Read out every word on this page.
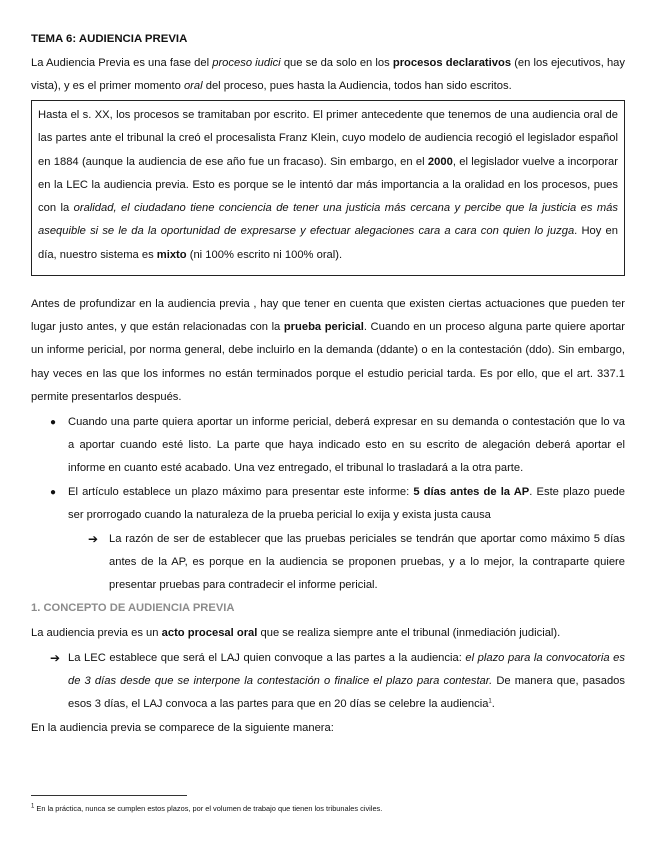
TEMA 6: AUDIENCIA PREVIA

La Audiencia Previa es una fase del proceso iudici que se da solo en los procesos declarativos (en los ejecutivos, hay vista), y es el primer momento oral del proceso, pues hasta la Audiencia, todos han sido escritos.

Hasta el s. XX, los procesos se tramitaban por escrito. El primer antecedente que tenemos de una audiencia oral de las partes ante el tribunal la creó el procesalista Franz Klein, cuyo modelo de audiencia recogió el legislador español en 1884 (aunque la audiencia de ese año fue un fracaso). Sin embargo, en el 2000, el legislador vuelve a incorporar en la LEC la audiencia previa. Esto es porque se le intentó dar más importancia a la oralidad en los procesos, pues con la oralidad, el ciudadano tiene conciencia de tener una justicia más cercana y percibe que la justicia es más asequible si se le da la oportunidad de expresarse y efectuar alegaciones cara a cara con quien lo juzga. Hoy en día, nuestro sistema es mixto (ni 100% escrito ni 100% oral).

Antes de profundizar en la audiencia previa , hay que tener en cuenta que existen ciertas actuaciones que pueden ter lugar justo antes, y que están relacionadas con la prueba pericial. Cuando en un proceso alguna parte quiere aportar un informe pericial, por norma general, debe incluirlo en la demanda (ddante) o en la contestación (ddo). Sin embargo, hay veces en las que los informes no están terminados porque el estudio pericial tarda. Es por ello, que el art. 337.1 permite presentarlos después.

● Cuando una parte quiera aportar un informe pericial, deberá expresar en su demanda o contestación que lo va a aportar cuando esté listo. La parte que haya indicado esto en su escrito de alegación deberá aportar el informe en cuanto esté acabado. Una vez entregado, el tribunal lo trasladará a la otra parte.
● El artículo establece un plazo máximo para presentar este informe: 5 días antes de la AP. Este plazo puede ser prorrogado cuando la naturaleza de la prueba pericial lo exija y exista justa causa
➔ La razón de ser de establecer que las pruebas periciales se tendrán que aportar como máximo 5 días antes de la AP, es porque en la audiencia se proponen pruebas, y a lo mejor, la contraparte quiere presentar pruebas para contradecir el informe pericial.
1. CONCEPTO DE AUDIENCIA PREVIA

La audiencia previa es un acto procesal oral que se realiza siempre ante el tribunal (inmediación judicial).

➔ La LEC establece que será el LAJ quien convoque a las partes a la audiencia: el plazo para la convocatoria es de 3 días desde que se interpone la contestación o finalice el plazo para contestar. De manera que, pasados esos 3 días, el LAJ convoca a las partes para que en 20 días se celebre la audiencia$^1$.

En la audiencia previa se comparece de la siguiente manera:

$^1$ En la práctica, nunca se cumplen estos plazos, por el volumen de trabajo que tienen los tribunales civiles.
